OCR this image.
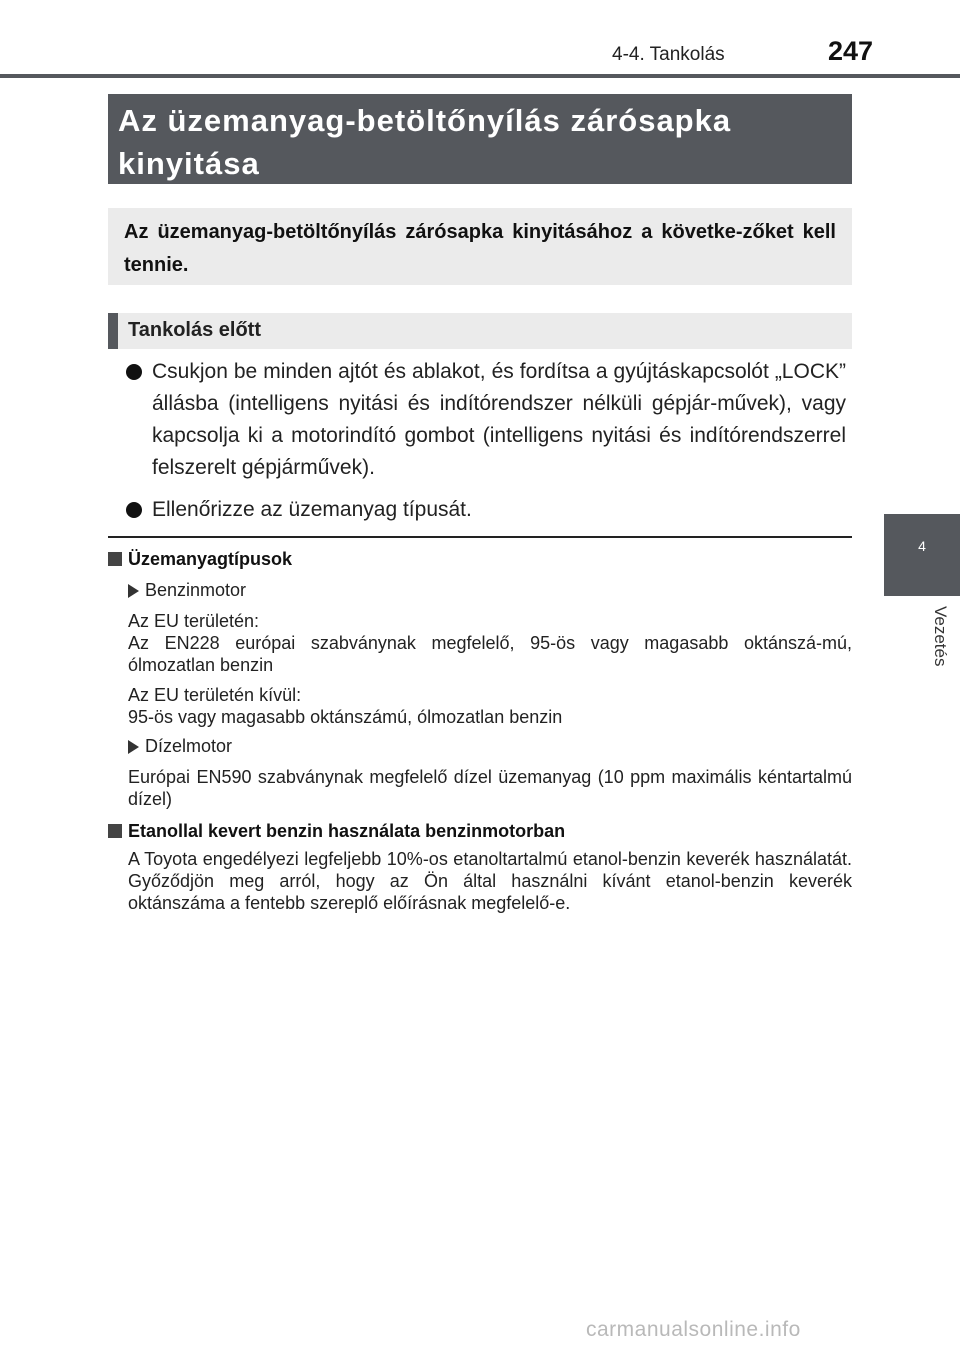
4-4. Tankolás	247
4
Vezetés

Az üzemanyag-betöltőnyílás zárósapka kinyitása

Az üzemanyag-betöltőnyílás zárósapka kinyitásához a követke-zőket kell tennie.

Tankolás előtt
Csukjon be minden ajtót és ablakot, és fordítsa a gyújtáskapcsolót „LOCK” állásba (intelligens nyitási és indítórendszer nélküli gépjár-művek), vagy kapcsolja ki a motorindító gombot (intelligens nyitási és indítórendszerrel felszerelt gépjárművek).
Ellenőrizze az üzemanyag típusát.
Üzemanyagtípusok
Benzinmotor
Az EU területén:
Az EN228 európai szabványnak megfelelő, 95-ös vagy magasabb oktánszá-mú, ólmozatlan benzin
Az EU területén kívül:
95-ös vagy magasabb oktánszámú, ólmozatlan benzin
Dízelmotor
Európai EN590 szabványnak megfelelő dízel üzemanyag (10 ppm maximális kéntartalmú dízel)
Etanollal kevert benzin használata benzinmotorban
A Toyota engedélyezi legfeljebb 10%-os etanoltartalmú etanol-benzin keverék használatát. Győződjön meg arról, hogy az Ön által használni kívánt etanol-benzin keverék oktánszáma a fentebb szereplő előírásnak megfelelő-e.
carmanualsonline.info
